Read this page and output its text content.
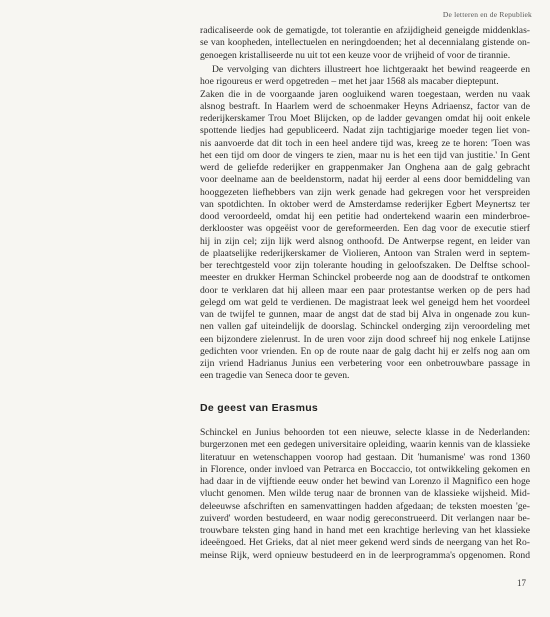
De letteren en de Republiek
radicaliseerde ook de gematigde, tot tolerantie en afzijdigheid geneigde middenklas-
se van koopheden, intellectuelen en neringdoenden; het al decennialang gistende on-
genoegen kristalliseerde nu uit tot een keuze voor de vrijheid of voor de tirannie.
De vervolging van dichters illustreert hoe lichtgeraakt het bewind reageerde en
hoe rigoureus er werd opgetreden – met het jaar 1568 als macaber dieptepunt.
Zaken die in de voorgaande jaren oogluikend waren toegestaan, werden nu vaak
alsnog bestraft. In Haarlem werd de schoenmaker Heyns Adriaensz, factor van de
rederijkerskamer Trou Moet Blijcken, op de ladder gevangen omdat hij ooit enkele
spottende liedjes had gepubliceerd. Nadat zijn tachtigjarige moeder tegen liet von-
nis aanvoerde dat dit toch in een heel andere tijd was, kreeg ze te horen: 'Toen was
het een tijd om door de vingers te zien, maar nu is het een tijd van justitie.' In Gent
werd de geliefde rederijker en grappenmaker Jan Onghena aan de galg gebracht
voor deelname aan de beeldenstorm, nadat hij eerder al eens door bemiddeling van
hooggezeten liefhebbers van zijn werk genade had gekregen voor het verspreiden
van spotdichten. In oktober werd de Amsterdamse rederijker Egbert Meynertsz ter
dood veroordeeld, omdat hij een petitie had ondertekend waarin een minderbroe-
derklooster was opgeëist voor de gereformeerden. Een dag voor de executie stierf
hij in zijn cel; zijn lijk werd alsnog onthoofd. De Antwerpse regent, en leider van
de plaatselijke rederijkerskamer de Violieren, Antoon van Stralen werd in septem-
ber terechtgesteld voor zijn tolerante houding in geloofszaken. De Delftse school-
meester en drukker Herman Schinckel probeerde nog aan de doodstraf te ontkomen
door te verklaren dat hij alleen maar een paar protestantse werken op de pers had
gelegd om wat geld te verdienen. De magistraat leek wel geneigd hem het voordeel
van de twijfel te gunnen, maar de angst dat de stad bij Alva in ongenade zou kun-
nen vallen gaf uiteindelijk de doorslag. Schinckel onderging zijn veroordeling met
een bijzondere zielenrust. In de uren voor zijn dood schreef hij nog enkele Latijnse
gedichten voor vrienden. En op de route naar de galg dacht hij er zelfs nog aan om
zijn vriend Hadrianus Junius een verbetering voor een onbetrouwbare passage in
een tragedie van Seneca door te geven.
De geest van Erasmus
Schinckel en Junius behoorden tot een nieuwe, selecte klasse in de Nederlanden:
burgerzonen met een gedegen universitaire opleiding, waarin kennis van de klassieke
literatuur en wetenschappen voorop had gestaan. Dit 'humanisme' was rond 1360
in Florence, onder invloed van Petrarca en Boccaccio, tot ontwikkeling gekomen en
had daar in de vijftiende eeuw onder het bewind van Lorenzo il Magnifico een hoge
vlucht genomen. Men wilde terug naar de bronnen van de klassieke wijsheid. Mid-
deleeuwse afschriften en samenvattingen hadden afgedaan; de teksten moesten 'ge-
zuiverd' worden bestudeerd, en waar nodig gereconstrueerd. Dit verlangen naar be-
trouwbare teksten ging hand in hand met een krachtige herleving van het klassieke
ideeëngoed. Het Grieks, dat al niet meer gekend werd sinds de neergang van het Ro-
meinse Rijk, werd opnieuw bestudeerd en in de leerprogramma's opgenomen. Rond
17
